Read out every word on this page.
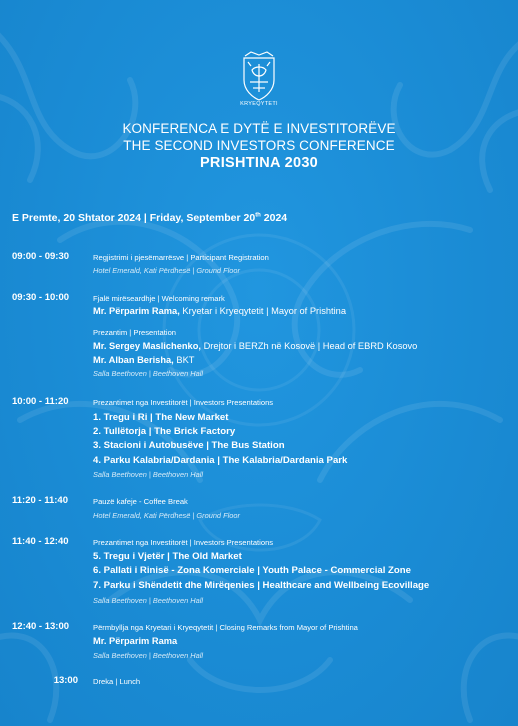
KRYEQYTETI
KONFERENCA E DYTË E INVESTITORËVE
THE SECOND INVESTORS CONFERENCE
PRISHTINA 2030
E Premte, 20 Shtator 2024 | Friday, September 20th 2024
09:00 - 09:30	Regjistrimi i pjesëmarrësve | Participant Registration
Hotel Emerald, Kati Përdhesë | Ground Floor
09:30 - 10:00	Fjalë mirëseardhje | Welcoming remark
Mr. Përparim Rama, Kryetar i Kryeqytetit | Mayor of Prishtina
Prezantim | Presentation
Mr. Sergey Maslichenko, Drejtor i BERZh në Kosovë | Head of EBRD Kosovo
Mr. Alban Berisha, BKT
Salla Beethoven | Beethoven Hall
10:00 - 11:20	Prezantimet nga Investitorët | Investors Presentations
1. Tregu i Ri | The New Market
2. Tullëtorja | The Brick Factory
3. Stacioni i Autobusëve | The Bus Station
4. Parku Kalabria/Dardania | The Kalabria/Dardania Park
Salla Beethoven | Beethoven Hall
11:20 - 11:40	Pauzë kafeje - Coffee Break
Hotel Emerald, Kati Përdhesë | Ground Floor
11:40 - 12:40	Prezantimet nga Investitorët | Investors Presentations
5. Tregu i Vjetër | The Old Market
6. Pallati i Rinisë - Zona Komerciale | Youth Palace - Commercial Zone
7. Parku i Shëndetit dhe Mirëqenies | Healthcare and Wellbeing Ecovillage
Salla Beethoven | Beethoven Hall
12:40 - 13:00	Përmbyllja nga Kryetari i Kryeqytetit | Closing Remarks from Mayor of Prishtina
Mr. Përparim Rama
Salla Beethoven | Beethoven Hall
13:00 Dreka | Lunch
